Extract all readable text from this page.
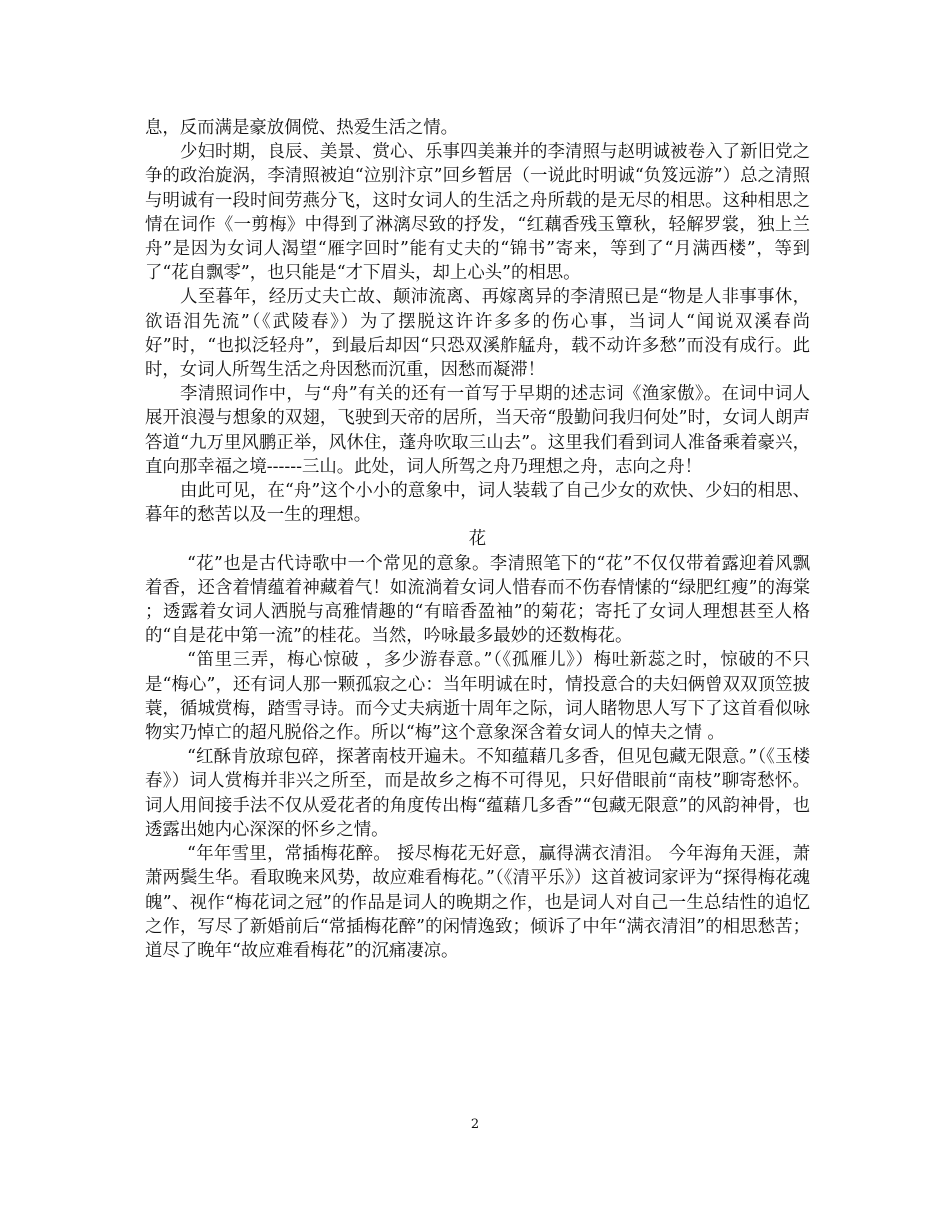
息，反而满是豪放倜傥、热爱生活之情。

少妇时期，良辰、美景、赏心、乐事四美兼并的李清照与赵明诚被卷入了新旧党之争的政治旋涡，李清照被迫“泣别汴京”回乡暂居（一说此时明诚“负笈远游”）总之清照与明诚有一段时间劳燕分飞，这时女词人的生活之舟所载的是无尽的相思。这种相思之情在词作《一剪梅》中得到了淋漓尽致的抒发，“红藕香残玉簟秋，轻解罗裳，独上兰舟”是因为女词人渴望“雁字回时”能有丈夫的“锦书”寄来，等到了“月满西楼”，等到了“花自飘零”，也只能是“才下眉头，却上心头”的相思。

人至暮年，经历丈夫亡故、颠沛流离、再嫁离异的李清照已是“物是人非事事休，欲语泪先流”（《武陵春》）为了摆脱这许许多多的伤心事，当词人“闻说双溪春尚好”时，“也拟泛轻舟”，到最后却因“只恐双溪舴艋舟，载不动许多愁”而没有成行。此时，女词人所驾生活之舟因愁而沉重，因愁而凝滞！

李清照词作中，与“舟”有关的还有一首写于早期的述志词《渔家傲》。在词中词人展开浪漫与想象的双翅，飞驶到天帝的居所，当天帝“殷勤问我归何处”时，女词人朗声答道“九万里风鹏正举，风休住，蓬舟吹取三山去”。这里我们看到词人准备乘着豪兴，直向那幸福之境------三山。此处，词人所驾之舟乃理想之舟，志向之舟！

由此可见，在“舟”这个小小的意象中，词人装载了自己少女的欢快、少妇的相思、暮年的愁苦以及一生的理想。

花

“花”也是古代诗歌中一个常见的意象。李清照笔下的“花”不仅仅带着露迎着风飘着香，还含着情蕴着神藏着气！如流淌着女词人惜春而不伤春情愫的“绿肥红瘦”的海棠 ；透露着女词人洒脱与高雅情趣的“有暗香盈袖”的菊花；寄托了女词人理想甚至人格的“自是花中第一流”的桂花。当然，吟咏最多最妙的还数梅花。

“笛里三弄，梅心惊破 ，多少游春意。”（《孤雁儿》）梅吐新蕊之时，惊破的不只是“梅心”，还有词人那一颗孤寂之心：当年明诚在时，情投意合的夫妇俩曾双双顶笠披蓑，循城赏梅，踏雪寻诗。而今丈夫病逝十周年之际，词人睹物思人写下了这首看似咏物实乃悼亡的超凡脱俗之作。所以“梅”这个意象深含着女词人的悼夫之情 。

“红酥肯放琼包碎，探著南枝开遍未。不知蕴藉几多香，但见包藏无限意。”（《玉楼春》）词人赏梅并非兴之所至，而是故乡之梅不可得见，只好借眼前“南枝”聊寄愁怀。词人用间接手法不仅从爱花者的角度传出梅“蕴藉几多香”“包藏无限意”的风韵神骨，也透露出她内心深深的怀乡之情。

“年年雪里，常插梅花醉。 挼尽梅花无好意，赢得满衣清泪。 今年海角天涯，萧萧两鬓生华。看取晚来风势，故应难看梅花。”（《清平乐》）这首被词家评为“探得梅花魂魄”、视作“梅花词之冠”的作品是词人的晚期之作，也是词人对自己一生总结性的追忆之作，写尽了新婚前后“常插梅花醉”的闲情逸致；倾诉了中年“满衣清泪”的相思愁苦；道尽了晚年“故应难看梅花”的沉痛凄凉。

2
